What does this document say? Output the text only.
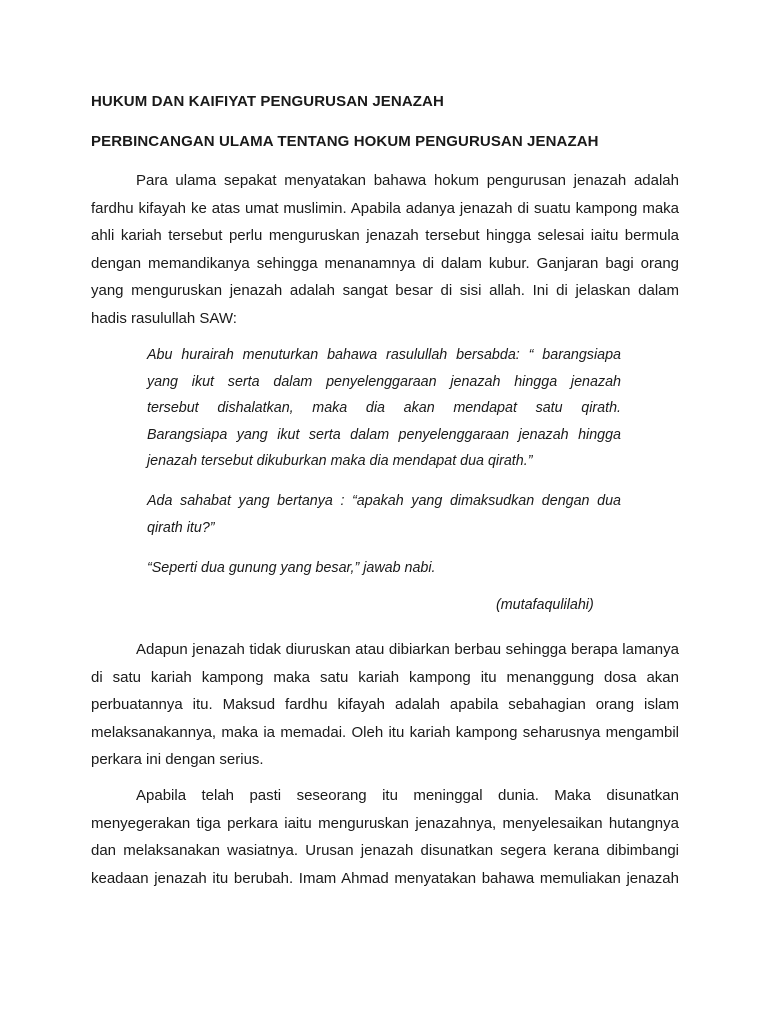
HUKUM DAN KAIFIYAT PENGURUSAN JENAZAH
PERBINCANGAN ULAMA TENTANG HOKUM PENGURUSAN JENAZAH
Para ulama sepakat menyatakan bahawa hokum pengurusan jenazah adalah
fardhu kifayah ke atas umat muslimin. Apabila adanya jenazah di suatu kampong maka
ahli kariah tersebut perlu menguruskan jenazah tersebut hingga selesai iaitu bermula
dengan memandikanya sehingga menanamnya di dalam kubur. Ganjaran bagi orang
yang menguruskan jenazah adalah sangat besar di sisi allah. Ini di jelaskan dalam
hadis rasulullah SAW:
Abu hurairah menuturkan bahawa rasulullah bersabda: “ barangsiapa
yang ikut serta dalam penyelenggaraan jenazah hingga jenazah
tersebut dishalatkan, maka dia akan mendapat satu qirath.
Barangsiapa yang ikut serta dalam penyelenggaraan jenazah hingga
jenazah tersebut dikuburkan maka dia mendapat dua qirath.”
Ada sahabat yang bertanya : “apakah yang dimaksudkan dengan dua
qirath itu?”
“Seperti dua gunung yang besar,” jawab nabi.
(mutafaqulilahi)
Adapun jenazah tidak diuruskan atau dibiarkan berbau sehingga berapa lamanya
di satu kariah kampong maka satu kariah kampong itu menanggung dosa akan
perbuatannya itu. Maksud fardhu kifayah adalah apabila sebahagian orang islam
melaksanakannya, maka ia memadai. Oleh itu kariah kampong seharusnya mengambil
perkara ini dengan serius.
Apabila telah pasti seseorang itu meninggal dunia. Maka disunatkan
menyegerakan tiga perkara iaitu menguruskan jenazahnya, menyelesaikan hutangnya
dan melaksanakan wasiatnya. Urusan jenazah disunatkan segera kerana dibimbangi
keadaan jenazah itu berubah. Imam Ahmad menyatakan bahawa memuliakan jenazah
